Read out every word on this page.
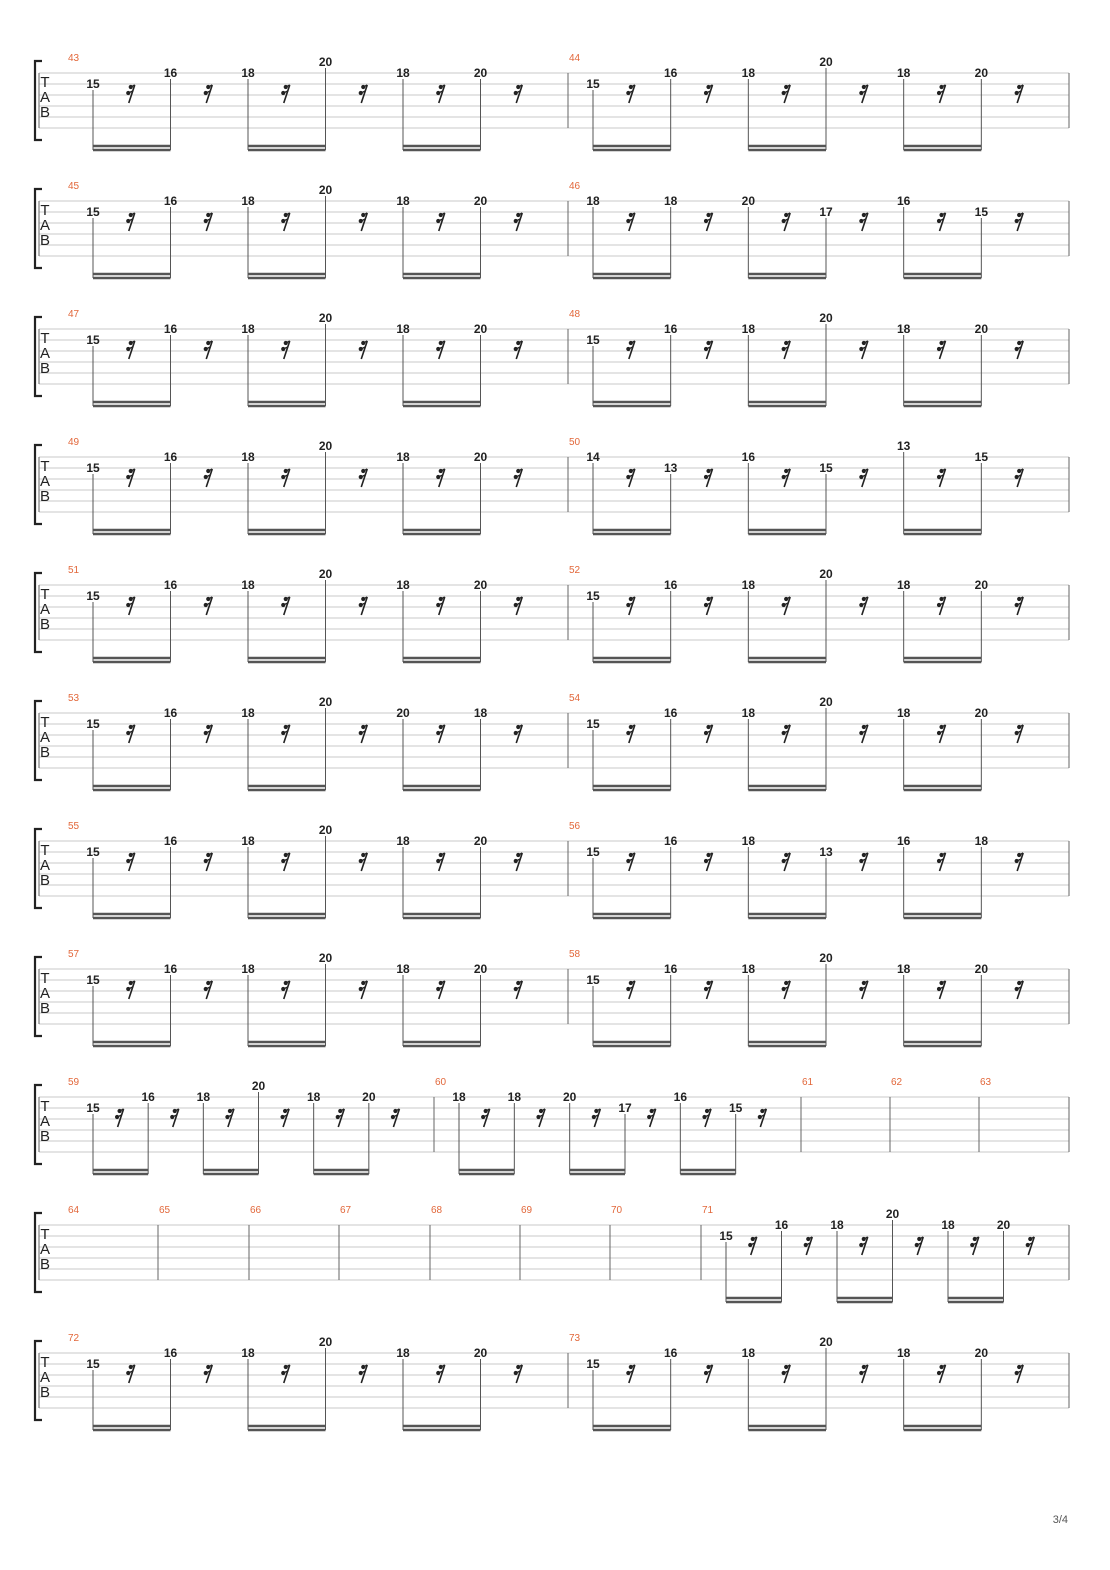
T
A
B
43
15
16	18
20
18	20
44
15
16	18
20
18	20
T
A
B
45
15
16	18
20
18	20
46
18	18	20
17
16
15
T
A
B
47
15
16	18
20
18	20
48
15
16	18
20
18	20
T
A
B
49
15
16	18
20
18	20
50
14
13
16
15
13
15
T
A
B
51
15
16	18
20
18	20
52
15
16	18
20
18	20
T
A
B
53
15
16	18
20
20	18
54
15
16	18
20
18	20
T
A
B
55
15
16	18
20
18	20
56
15
16	18
13
16	18
T
A
B
57
15
16	18
20
18	20
58
15
16	18
20
18	20
T
A
B
59
15
16	18
20
18	20
60
18	18	20
17
16
15
61	62	63
T
A
B
64	65	66	67	68	69	70	71
15
16	18
20
18	20
T
A
B
72
15
16	18
20
18	20
73
15
16	18
20
18	20
3/4
